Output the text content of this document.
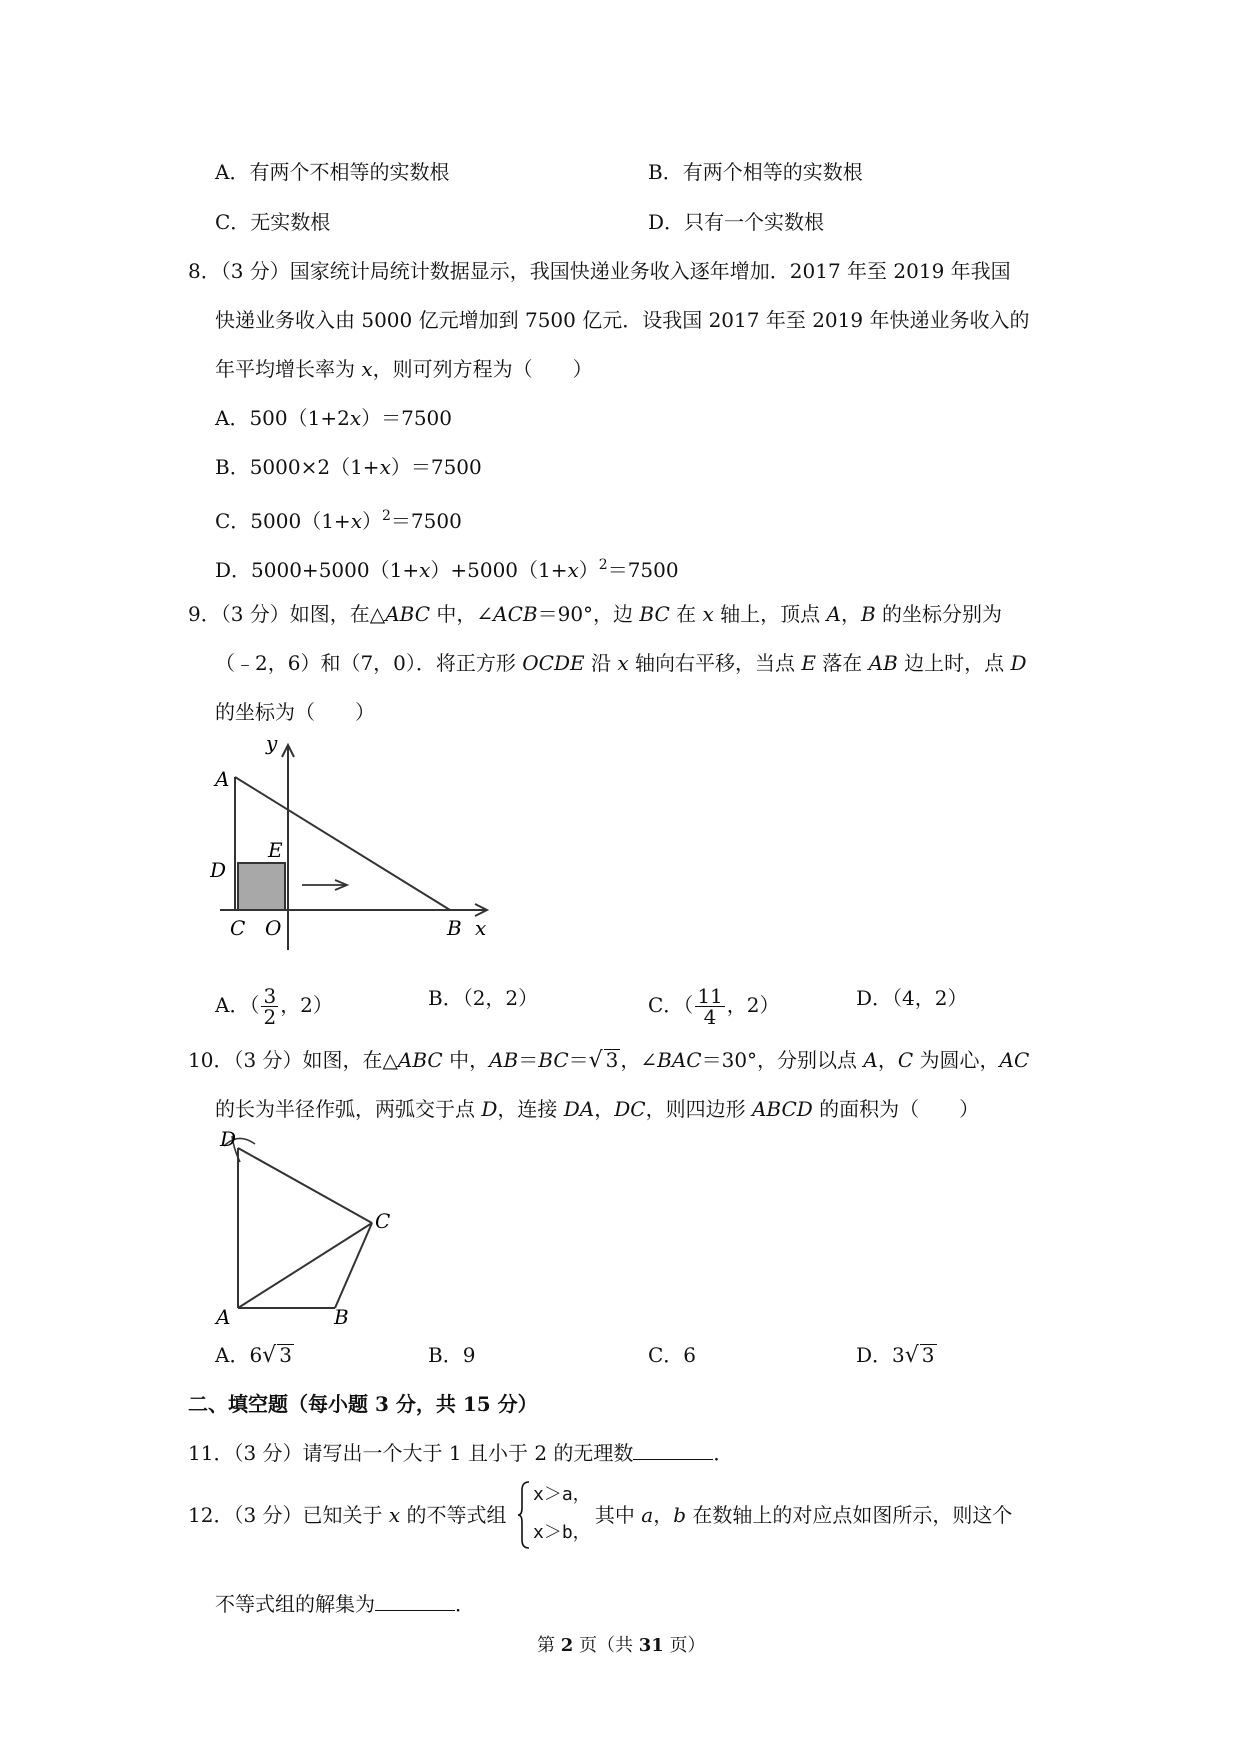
A．有两个不相等的实数根	B．有两个相等的实数根
C．无实数根	D．只有一个实数根
8．（3 分）国家统计局统计数据显示，我国快递业务收入逐年增加．2017 年至 2019 年我国
快递业务收入由 5000 亿元增加到 7500 亿元．设我国 2017 年至 2019 年快递业务收入的
年平均增长率为 x，则可列方程为（　　）
A．500（1+2x）＝7500
B．5000×2（1+x）＝7500
C．$5000(1+x)^2=7500$
D．$5000+5000(1+x)+5000(1+x)^2=7500$
9．（3 分）如图，在△ABC 中，∠ACB＝90°，边 BC 在 x 轴上，顶点 A，B 的坐标分别为
（﹣2，6）和（7，0）．将正方形 OCDE 沿 x 轴向右平移，当点 E 落在 AB 边上时，点 D
的坐标为（　　）
y
A
D
E
C O	B x
A．（ $\frac{3}{2}$ ，2）	B．（2，2）	C．（ $\frac{11}{4}$ ，2）	D．（4，2）
10．（3 分）如图，在△ABC 中，AB＝BC＝√ 3 ，∠BAC＝30°，分别以点 A，C 为圆心，AC
的长为半径作弧，两弧交于点 D，连接 DA，DC，则四边形 ABCD 的面积为（　　）
D
C
A	B
A．6√ 3	B．9	C．6	D．3√ 3
二、填空题（每小题 3 分，共 15 分）
11．（3 分）请写出一个大于 1 且小于 2 的无理数	．
12．（3 分）已知关于 x 的不等式组	其中 a，b 在数轴上的对应点如图所示，则这个
x＞a，
x＞b，
不等式组的解集为	．
第 2 页（共 31 页）
